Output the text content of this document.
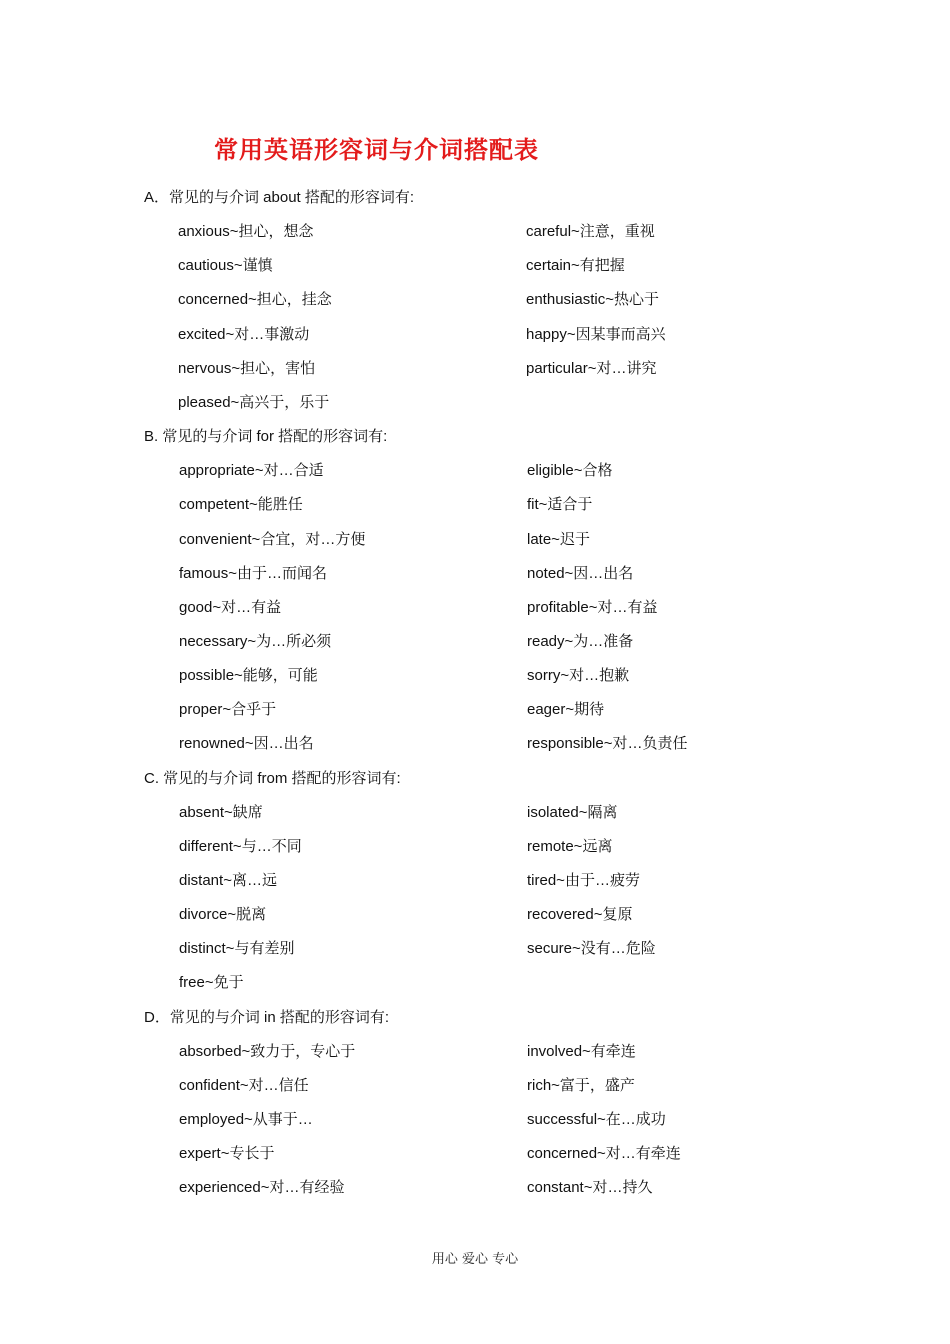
常用英语形容词与介词搭配表
A．常见的与介词 about 搭配的形容词有:
anxious~担心，想念	careful~注意，重视
cautious~谨慎	certain~有把握
concerned~担心，挂念	enthusiastic~热心于
excited~对…事激动	happy~因某事而高兴
nervous~担心，害怕	particular~对…讲究
pleased~高兴于，乐于
B. 常见的与介词 for 搭配的形容词有:
appropriate~对…合适	eligible~合格
competent~能胜任	fit~适合于
convenient~合宜，对…方便	late~迟于
famous~由于…而闻名	noted~因…出名
good~对…有益	profitable~对…有益
necessary~为…所必须	ready~为…准备
possible~能够，可能	sorry~对…抱歉
proper~合乎于	eager~期待
renowned~因…出名	responsible~对…负责任
C. 常见的与介词 from 搭配的形容词有:
absent~缺席	isolated~隔离
different~与…不同	remote~远离
distant~离…远	tired~由于…疲劳
divorce~脱离	recovered~复原
distinct~与有差别	secure~没有…危险
free~免于
D．常见的与介词 in 搭配的形容词有:
absorbed~致力于，专心于	involved~有牵连
confident~对…信任	rich~富于，盛产
employed~从事于…	successful~在…成功
expert~专长于	concerned~对…有牵连
experienced~对…有经验	constant~对…持久
用心 爱心 专心
